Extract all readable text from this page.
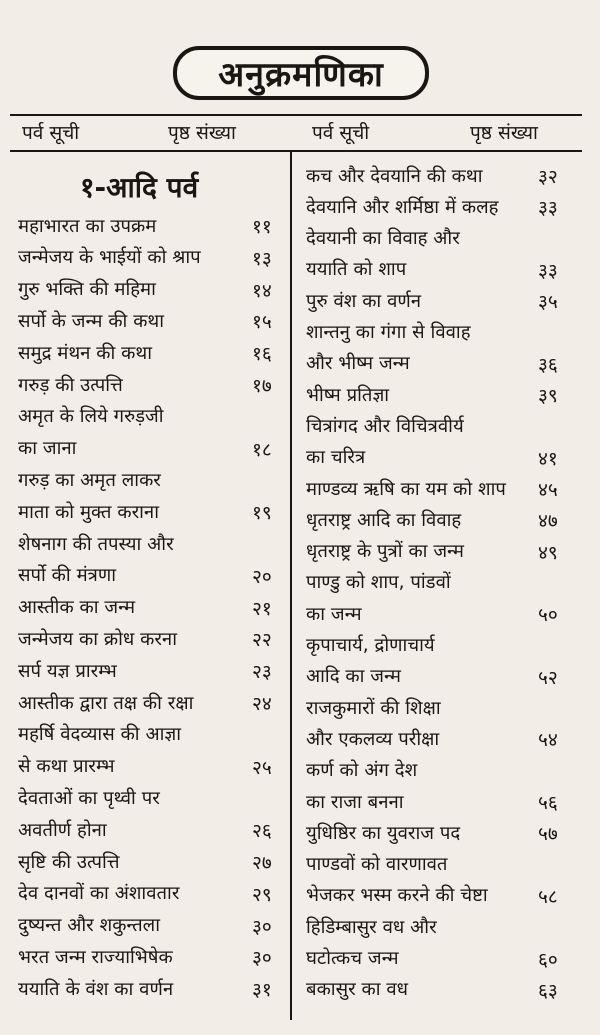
अनुक्रमणिका
पर्व सूची	पृष्ठ संख्या	पर्व सूची	पृष्ठ संख्या
१-आदि पर्व
महाभारत का उपक्रम	११
जन्मेजय के भाईयों को श्राप	१३
गुरु भक्ति की महिमा	१४
सर्पो के जन्म की कथा	१५
समुद्र मंथन की कथा	१६
गरुड़ की उत्पत्ति	१७
अमृत के लिये गरुड़जी
का जाना	१८
गरुड़ का अमृत लाकर
माता को मुक्त कराना	१९
शेषनाग की तपस्या और
सर्पो की मंत्रणा	२०
आस्तीक का जन्म	२१
जन्मेजय का क्रोध करना	२२
सर्प यज्ञ प्रारम्भ	२३
आस्तीक द्वारा तक्ष की रक्षा	२४
महर्षि वेदव्यास की आज्ञा
से कथा प्रारम्भ	२५
देवताओं का पृथ्वी पर
अवतीर्ण होना	२६
सृष्टि की उत्पत्ति	२७
देव दानवों का अंशावतार	२९
दुष्यन्त और शकुन्तला	३०
भरत जन्म राज्याभिषेक	३०
ययाति के वंश का वर्णन	३१
कच और देवयानि की कथा	३२
देवयानि और शर्मिष्ठा में कलह ३३
देवयानी का विवाह और
ययाति को शाप	३३
पुरु वंश का वर्णन	३५
शान्तनु का गंगा से विवाह
और भीष्म जन्म	३६
भीष्म प्रतिज्ञा	३९
चित्रांगद और विचित्रवीर्य
का चरित्र	४१
माण्डव्य ऋषि का यम को शाप ४५
धृतराष्ट्र आदि का विवाह	४७
धृतराष्ट्र के पुत्रों का जन्म	४९
पाण्डु को शाप, पांडवों
का जन्म	५०
कृपाचार्य, द्रोणाचार्य
आदि का जन्म	५२
राजकुमारों की शिक्षा
और एकलव्य परीक्षा	५४
कर्ण को अंग देश
का राजा बनना	५६
युधिष्ठिर का युवराज पद	५७
पाण्डवों को वारणावत
भेजकर भस्म करने की चेष्टा	५८
हिडिम्बासुर वध और
घटोत्कच जन्म	६०
बकासुर का वध	६३
